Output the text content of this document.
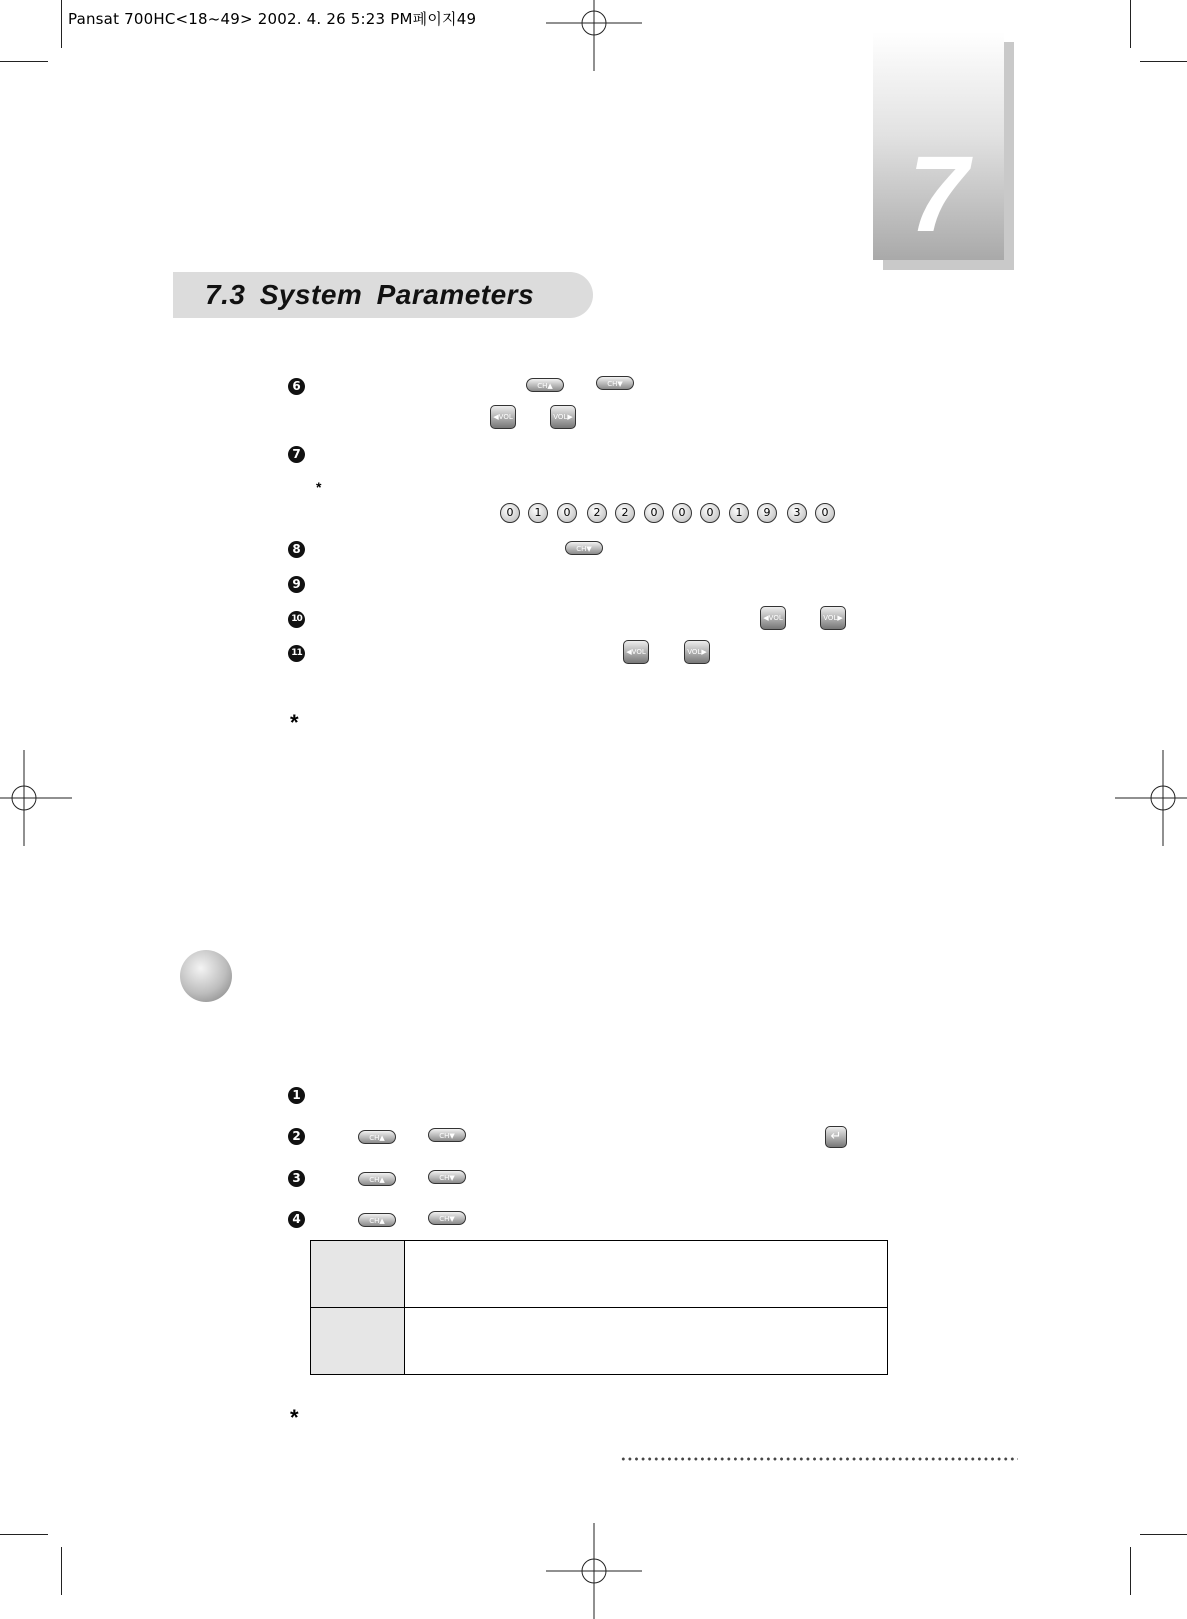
Pansat 700HC<18~49> 2002. 4. 26 5:23 PM페이지49
7
7.3 System Parameters
6	CH▲	CH▼
◀VOL	VOL▶
7
*
0	1	0	2	2	0	0	0	1	9	3	0
8	CH▼
9
10	◀VOL	VOL▶
11	◀VOL	VOL▶
*
1
2	CH▲	CH▼	↵
3	CH▲	CH▼
4	CH▲	CH▼

*
